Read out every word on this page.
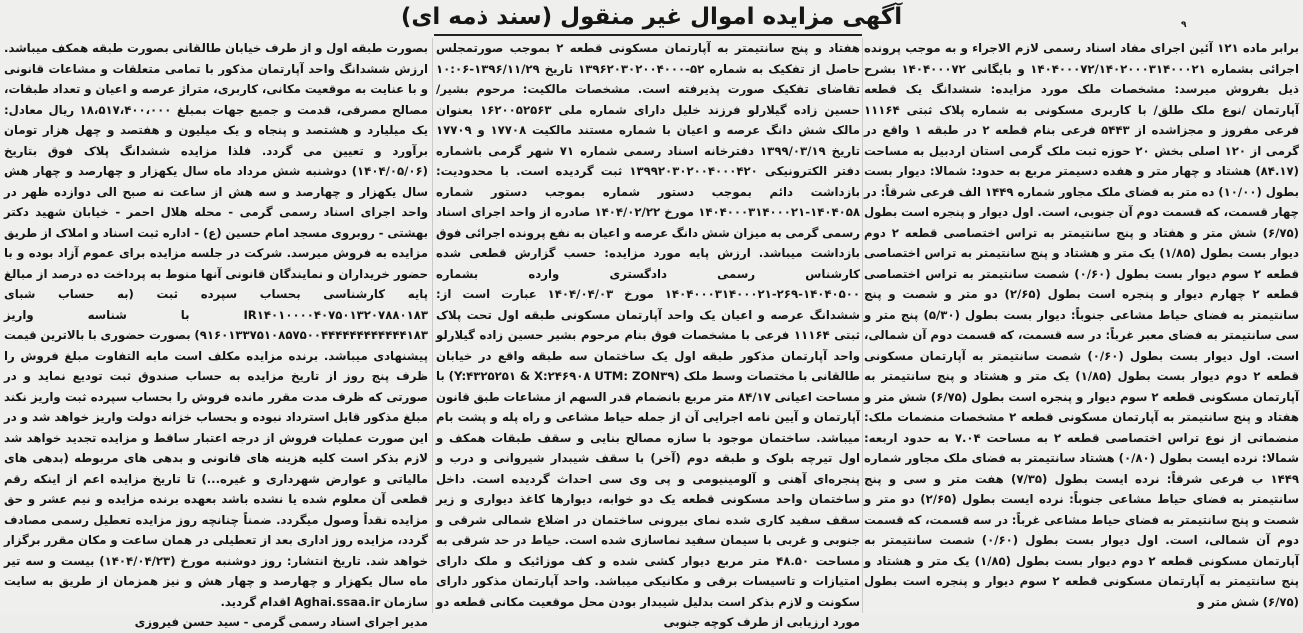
آگهی مزایده اموال غیر منقول (سند ذمه ای)	۹

برابر ماده ۱۲۱ آئین اجرای مفاد اسناد رسمی لازم الاجراء و به موجب پرونده اجرائی بشماره ۱۴۰۴۰۰۰۷۲/۱۴۰۲۰۰۰۳۱۴۰۰۰۲۱ و بایگانی ۱۴۰۴۰۰۰۷۲ بشرح ذیل بفروش میرسد: مشخصات ملک مورد مزایده: ششدانگ یک قطعه آپارتمان /نوع ملک طلق/ با کاربری مسکونی به شماره پلاک ثبتی ۱۱۱۶۴ فرعی مفروز و مجزاشده از ۵۴۴۳ فرعی بنام قطعه ۲ در طبقه ۱ واقع در گرمی از ۱۲۰ اصلی بخش ۲۰ حوزه ثبت ملک گرمی استان اردبیل به مساحت (۸۴.۱۷) هشتاد و چهار متر و هفده دسیمتر مربع به حدود: شمالا: دیوار بست بطول (۱۰/۰۰) ده متر به فضای ملک مجاور شماره ۱۴۴۹ الف فرعی شرقاً: در چهار قسمت، که قسمت دوم آن جنوبی، است. اول دیوار و پنجره است بطول (۶/۷۵) شش متر و هفتاد و پنج سانتیمتر به تراس اختصاصی قطعه ۲ دوم دیوار بست بطول (۱/۸۵) یک متر و هشتاد و پنج سانتیمتر به تراس اختصاصی قطعه ۲ سوم دیوار بست بطول (۰/۶۰) شصت سانتیمتر به تراس اختصاصی قطعه ۲ چهارم دیوار و پنجره است بطول (۲/۶۵) دو متر و شصت و پنج سانتیمتر به فضای حیاط مشاعی جنوباً: دیوار بست بطول (۵/۳۰) پنج متر و سی سانتیمتر به فضای معبر غرباً: در سه قسمت، که قسمت دوم آن شمالی، است. اول دیوار بست بطول (۰/۶۰) شصت سانتیمتر به آپارتمان مسکونی قطعه ۲ دوم دیوار بست بطول (۱/۸۵) یک متر و هشتاد و پنج سانتیمتر به آپارتمان مسکونی قطعه ۲ سوم دیوار و پنجره است بطول (۶/۷۵) شش متر و هفتاد و پنج سانتیمتر به آپارتمان مسکونی قطعه ۲ مشخصات منضمات ملک: منضماتی از نوع تراس اختصاصی قطعه ۲ به مساحت ۷.۰۴ به حدود اربعه: شمالا: نرده ایست بطول (۰/۸۰) هشتاد سانتیمتر به فضای ملک مجاور شماره ۱۴۴۹ ب فرعی شرقاً: نرده ایست بطول (۷/۳۵) هفت متر و سی و پنج سانتیمتر به فضای حیاط مشاعی جنوباً: نرده ایست بطول (۲/۶۵) دو متر و شصت و پنج سانتیمتر به فضای حیاط مشاعی غرباً: در سه قسمت، که قسمت دوم آن شمالی، است. اول دیوار بست بطول (۰/۶۰) شصت سانتیمتر به آپارتمان مسکونی قطعه ۲ دوم دیوار بست بطول (۱/۸۵) یک متر و هشتاد و پنج سانتیمتر به آپارتمان مسکونی قطعه ۲ سوم دیوار و پنجره است بطول (۶/۷۵) شش متر و

هفتاد و پنج سانتیمتر به آپارتمان مسکونی قطعه ۲ بموجب صورتمجلس حاصل از تفکیک به شماره ۵۲-۱۳۹۶۲۰۳۰۲۰۰۴۰۰۰ تاریخ ۱۳۹۶/۱۱/۲۹-۱۰:۰۶ تقاضای تفکیک صورت پذیرفته است. مشخصات مالکیت: مرحوم بشیر/ حسین زاده گیلارلو فرزند خلیل دارای شماره ملی ۱۶۲۰۰۵۲۵۶۳ بعنوان مالک شش دانگ عرصه و اعیان با شماره مستند مالکیت ۱۷۷۰۸ و ۱۷۷۰۹ تاریخ ۱۳۹۹/۰۳/۱۹ دفترخانه اسناد رسمی شماره ۷۱ شهر گرمی باشماره دفتر الکترونیکی ۱۳۹۹۲۰۳۰۲۰۰۴۰۰۰۴۲۰ ثبت گردیده است. با محدودیت: بازداشت دائم بموجب دستور شماره بموجب دستور شماره ۱۴۰۴۰۵۸-۱۴۰۴۰۰۰۳۱۴۰۰۰۲۱ مورخ ۱۴۰۴/۰۲/۲۲ صادره از واحد اجرای اسناد رسمی گرمی به میزان شش دانگ عرصه و اعیان به نفع پرونده اجرائی فوق بازداشت میباشد. ارزش پایه مورد مزایده: حسب گزارش قطعی شده کارشناس رسمی دادگستری وارده بشماره ۱۴۰۴۰۵۰۰-۲۶۹-۱۴۰۴۰۰۰۳۱۴۰۰۰۲۱ مورخ ۱۴۰۴/۰۴/۰۳ عبارت است از: ششدانگ عرصه و اعیان یک واحد آپارتمان مسکونی طبقه اول تحت پلاک ثبتی ۱۱۱۶۴ فرعی با مشخصات فوق بنام مرحوم بشیر حسین زاده گیلارلو واحد آپارتمان مذکور طبقه اول یک ساختمان سه طبقه واقع در خیابان طالقانی با مختصات وسط ملک (Y:۴۳۲۵۲۵۱ & X:۲۴۶۹۰۸ UTM: ZON۳۹) با مساحت اعیانی ۸۴/۱۷ متر مربع بانضمام قدر السهم از مشاعات طبق قانون آپارتمان و آیین نامه اجرایی آن از جمله حیاط مشاعی و راه پله و پشت بام میباشد. ساختمان موجود با سازه مصالح بنایی و سقف طبقات همکف و اول تیرچه بلوک و طبقه دوم (آخر) با سقف شیبدار شیروانی و درب و پنجره‌ای آهنی و آلومینیومی و پی وی سی احداث گردیده است. داخل ساختمان واحد مسکونی قطعه یک دو خوابه، دیوارها کاغذ دیواری و زیر سقف سفید کاری شده نمای بیرونی ساختمان در اضلاع شمالی شرقی و جنوبی و غربی با سیمان سفید نماسازی شده است. حیاط در حد شرقی به مساحت ۴۸.۵۰ متر مربع دیوار کشی شده و کف موزائیک و ملک دارای امتیازات و تاسیسات برقی و مکانیکی میباشد. واحد آپارتمان مذکور دارای سکونت و لازم بذکر است بدلیل شیبدار بودن محل موقعیت مکانی قطعه دو مورد ارزیابی از طرف کوچه جنوبی

بصورت طبقه اول و از طرف خیابان طالقانی بصورت طبقه همکف میباشد. ارزش ششدانگ واحد آپارتمان مذکور با تمامی متعلقات و مشاعات قانونی و با عنایت به موقعیت مکانی، کاربری، متراژ عرصه و اعیان و تعداد طبقات، مصالح مصرفی، قدمت و جمیع جهات بمبلغ ۱۸،۵۱۷،۴۰۰،۰۰۰ ریال معادل: یک میلیارد و هشتصد و پنجاه و یک میلیون و هفتصد و چهل هزار تومان برآورد و تعیین می گردد. فلذا مزایده ششدانگ پلاک فوق بتاریخ (۱۴۰۴/۰۵/۰۶) دوشنبه شش مرداد ماه سال یکهزار و چهارصد و چهار هش سال یکهزار و چهارصد و سه هش از ساعت نه صبح الی دوازده ظهر در واحد اجرای اسناد رسمی گرمی - محله هلال احمر - خیابان شهید دکتر بهشتی - روبروی مسجد امام حسین (ع) - اداره ثبت اسناد و املاک از طریق مزایده به فروش میرسد. شرکت در جلسه مزایده برای عموم آزاد بوده و با حضور خریداران و نمایندگان قانونی آنها منوط به پرداخت ده درصد از مبالغ پایه کارشناسی بحساب سپرده ثبت (به حساب شبای IR۱۴۰۱۰۰۰۰۴۰۷۵۰۱۳۲۰۷۸۸۰۱۸۳ با شناسه واریز ۹۱۶۰۱۳۳۷۵۱۰۸۵۷۵۰۰۴۴۴۴۴۴۴۴۴۴۴۴۱۸۳) بصورت حضوری با بالاترین قیمت پیشنهادی میباشد. برنده مزایده مکلف است مابه التفاوت مبلغ فروش را ظرف پنج روز از تاریخ مزایده به حساب صندوق ثبت تودیع نماید و در صورتی که ظرف مدت مقرر مانده فروش را بحساب سپرده ثبت واریز نکند مبلغ مذکور قابل استرداد نبوده و بحساب خزانه دولت واریز خواهد شد و در این صورت عملیات فروش از درجه اعتبار ساقط و مزایده تجدید خواهد شد لازم بذکر است کلیه هزینه های قانونی و بدهی های مربوطه (بدهی های مالیاتی و عوارض شهرداری و غیره...) تا تاریخ مزایده اعم از اینکه رقم قطعی آن معلوم شده یا نشده باشد بعهده برنده مزایده و نیم عشر و حق مزایده نقداً وصول میگردد. ضمناً چنانچه روز مزایده تعطیل رسمی مصادف گردد، مزایده روز اداری بعد از تعطیلی در همان ساعت و مکان مقرر برگزار خواهد شد. تاریخ انتشار: روز دوشنبه مورخ (۱۴۰۴/۰۴/۲۳) بیست و سه تیر ماه سال یکهزار و چهارصد و چهار هش و نیز همزمان از طریق به سایت سازمان Aghai.ssaa.ir اقدام گردید.

مدیر اجرای اسناد رسمی گرمی - سید حسن فیروزی
